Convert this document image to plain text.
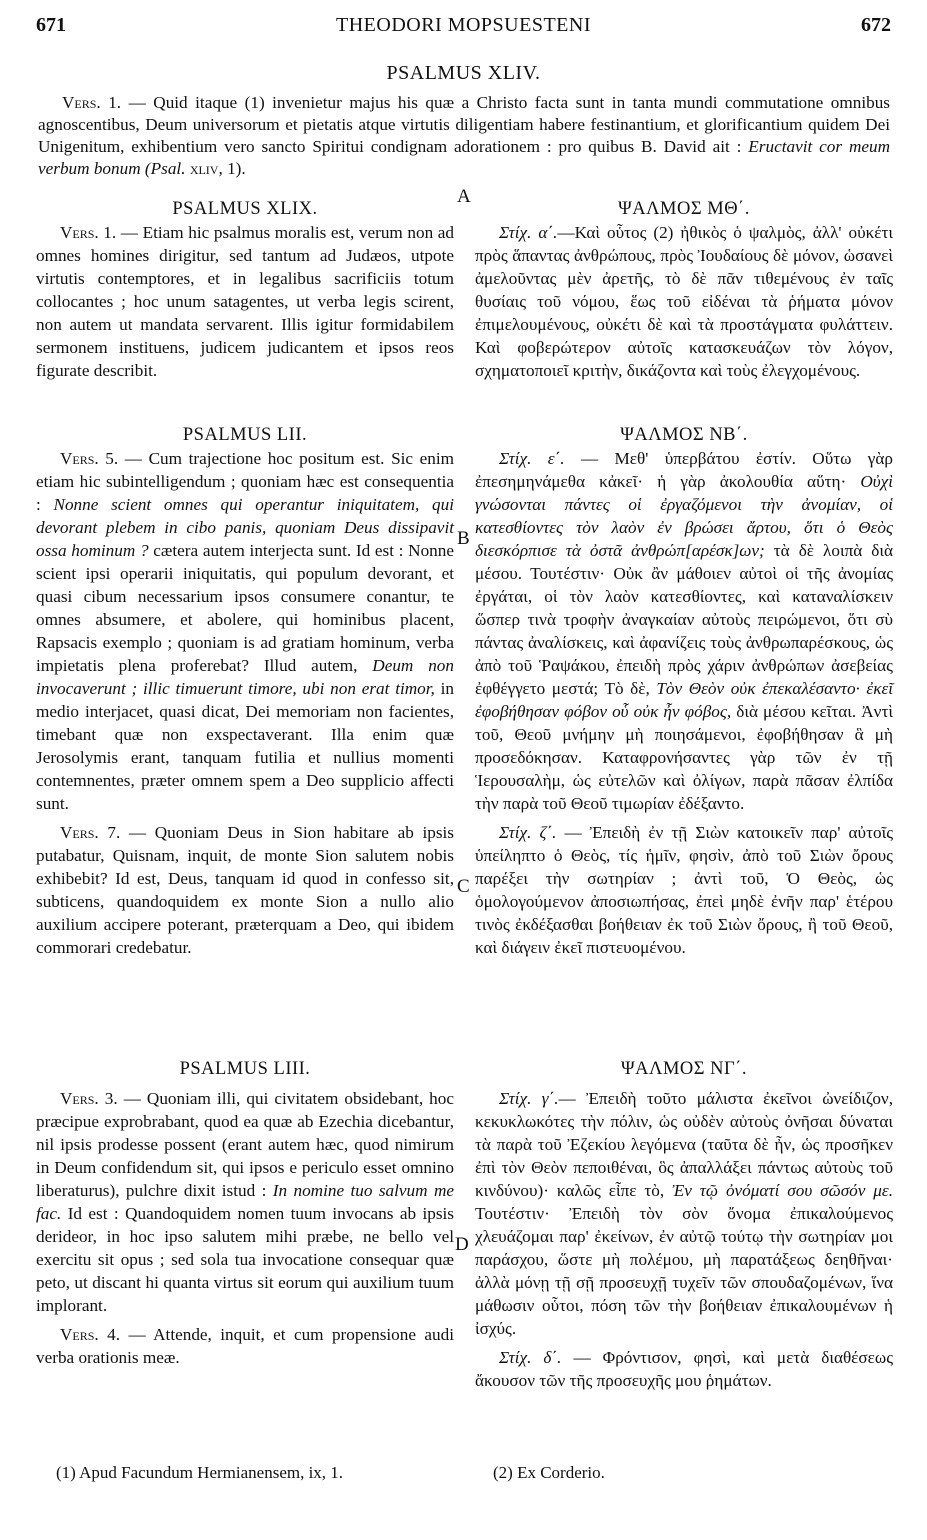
671	THEODORI MOPSUESTENI	672
PSALMUS XLIV.

Vers. 1. — Quid itaque (1) invenietur majus his quæ a Christo facta sunt in tanta mundi commutatione omnibus agnoscentibus, Deum universorum et pietatis atque virtutis diligentiam habere festinantium, et glorificantium quidem Dei Unigenitum, exhibentium vero sancto Spiritui condignam adorationem : pro quibus B. David ait : Eructavit cor meum verbum bonum (Psal. xliv, 1).

A
B
C
D
PSALMUS XLIX.

Vers. 1. — Etiam hic psalmus moralis est, verum non ad omnes homines dirigitur, sed tantum ad Judæos, utpote virtutis contemptores, et in legalibus sacrificiis totum collocantes ; hoc unum satagentes, ut verba legis scirent, non autem ut mandata servarent. Illis igitur formidabilem sermonem instituens, judicem judicantem et ipsos reos figurate describit.

PSALMUS LII.

Vers. 5. — Cum trajectione hoc positum est. Sic enim etiam hic subintelligendum ; quoniam hæc est consequentia : Nonne scient omnes qui operantur iniquitatem, qui devorant plebem in cibo panis, quoniam Deus dissipavit ossa hominum ? cætera autem interjecta sunt. Id est : Nonne scient ipsi operarii iniquitatis, qui populum devorant, et quasi cibum necessarium ipsos consumere conantur, te omnes absumere, et abolere, qui hominibus placent, Rapsacis exemplo ; quoniam is ad gratiam hominum, verba impietatis plena proferebat? Illud autem, Deum non invocaverunt ; illic timuerunt timore, ubi non erat timor, in medio interjacet, quasi dicat, Dei memoriam non facientes, timebant quæ non exspectaverant. Illa enim quæ Jerosolymis erant, tanquam futilia et nullius momenti contemnentes, præter omnem spem a Deo supplicio affecti sunt.

Vers. 7. — Quoniam Deus in Sion habitare ab ipsis putabatur, Quisnam, inquit, de monte Sion salutem nobis exhibebit? Id est, Deus, tanquam id quod in confesso sit, subticens, quandoquidem ex monte Sion a nullo alio auxilium accipere poterant, præterquam a Deo, qui ibidem commorari credebatur.

PSALMUS LIII.

Vers. 3. — Quoniam illi, qui civitatem obsidebant, hoc præcipue exprobrabant, quod ea quæ ab Ezechia dicebantur, nil ipsis prodesse possent (erant autem hæc, quod nimirum in Deum confidendum sit, qui ipsos e periculo esset omnino liberaturus), pulchre dixit istud : In nomine tuo salvum me fac. Id est : Quandoquidem nomen tuum invocans ab ipsis derideor, in hoc ipso salutem mihi præbe, ne bello vel exercitu sit opus ; sed sola tua invocatione consequar quæ peto, ut discant hi quanta virtus sit eorum qui auxilium tuum implorant.

Vers. 4. — Attende, inquit, et cum propensione audi verba orationis meæ.

ΨΑΛΜΟΣ ΜΘ΄.

Στίχ. α΄.—Καὶ οὗτος (2) ἠθικὸς ὁ ψαλμὸς, ἀλλ' οὐκέτι πρὸς ἅπαντας ἀνθρώπους, πρὸς Ἰουδαίους δὲ μόνον, ὡσανεὶ ἀμελοῦντας μὲν ἀρετῆς, τὸ δὲ πᾶν τιθεμένους ἐν ταῖς θυσίαις τοῦ νόμου, ἕως τοῦ εἰδέναι τὰ ῥήματα μόνον ἐπιμελουμένους, οὐκέτι δὲ καὶ τὰ προστάγματα φυλάττειν. Καὶ φοβερώτερον αὐτοῖς κατασκευάζων τὸν λόγον, σχηματοποιεῖ κριτὴν, δικάζοντα καὶ τοὺς ἐλεγχομένους.

ΨΑΛΜΟΣ ΝΒ΄.

Στίχ. ε΄. — Μεθ' ὑπερβάτου ἐστίν. Οὕτω γὰρ ἐπεσημηνάμεθα κἀκεῖ· ἡ γὰρ ἀκολουθία αὕτη· Οὐχὶ γνώσονται πάντες οἱ ἐργαζόμενοι τὴν ἀνομίαν, οἱ κατεσθίοντες τὸν λαὸν ἐν βρώσει ἄρτου, ὅτι ὁ Θεὸς διεσκόρπισε τὰ ὀστᾶ ἀνθρώπ[αρέσκ]ων; τὰ δὲ λοιπὰ διὰ μέσου. Τουτέστιν· Οὐκ ἂν μάθοιεν αὐτοὶ οἱ τῆς ἀνομίας ἐργάται, οἱ τὸν λαὸν κατεσθίοντες, καὶ καταναλίσκειν ὥσπερ τινὰ τροφὴν ἀναγκαίαν αὐτοὺς πειρώμενοι, ὅτι σὺ πάντας ἀναλίσκεις, καὶ ἀφανίζεις τοὺς ἀνθρωπαρέσκους, ὡς ἀπὸ τοῦ Ῥαψάκου, ἐπειδὴ πρὸς χάριν ἀνθρώπων ἀσεβείας ἐφθέγγετο μεστά; Τὸ δὲ, Τὸν Θεὸν οὐκ ἐπεκαλέσαντο· ἐκεῖ ἐφοβήθησαν φόβον οὗ οὐκ ἦν φόβος, διὰ μέσου κεῖται. Ἀντὶ τοῦ, Θεοῦ μνήμην μὴ ποιησάμενοι, ἐφοβήθησαν ἃ μὴ προσεδόκησαν. Καταφρονήσαντες γὰρ τῶν ἐν τῇ Ἱερουσαλὴμ, ὡς εὐτελῶν καὶ ὀλίγων, παρὰ πᾶσαν ἐλπίδα τὴν παρὰ τοῦ Θεοῦ τιμωρίαν ἐδέξαντο.

Στίχ. ζ΄. — Ἐπειδὴ ἐν τῇ Σιὼν κατοικεῖν παρ' αὐτοῖς ὑπείληπτο ὁ Θεὸς, τίς ἡμῖν, φησὶν, ἀπὸ τοῦ Σιὼν ὄρους παρέξει τὴν σωτηρίαν ; ἀντὶ τοῦ, Ὁ Θεὸς, ὡς ὁμολογούμενον ἀποσιωπήσας, ἐπεὶ μηδὲ ἐνῆν παρ' ἑτέρου τινὸς ἐκδέξασθαι βοήθειαν ἐκ τοῦ Σιὼν ὄρους, ἢ τοῦ Θεοῦ, καὶ διάγειν ἐκεῖ πιστευομένου.

ΨΑΛΜΟΣ ΝΓ΄.

Στίχ. γ΄.— Ἐπειδὴ τοῦτο μάλιστα ἐκεῖνοι ὠνείδιζον, κεκυκλωκότες τὴν πόλιν, ὡς οὐδὲν αὐτοὺς ὀνῆσαι δύναται τὰ παρὰ τοῦ Ἐζεκίου λεγόμενα (ταῦτα δὲ ἦν, ὡς προσῆκεν ἐπὶ τὸν Θεὸν πεποιθέναι, ὃς ἀπαλλάξει πάντως αὐτοὺς τοῦ κινδύνου)· καλῶς εἶπε τὸ, Ἐν τῷ ὀνόματί σου σῶσόν με. Τουτέστιν· Ἐπειδὴ τὸν σὸν ὄνομα ἐπικαλούμενος χλευάζομαι παρ' ἐκείνων, ἐν αὐτῷ τούτῳ τὴν σωτηρίαν μοι παράσχου, ὥστε μὴ πολέμου, μὴ παρατάξεως δεηθῆναι· ἀλλὰ μόνῃ τῇ σῇ προσευχῇ τυχεῖν τῶν σπουδαζομένων, ἵνα μάθωσιν οὗτοι, πόση τῶν τὴν βοήθειαν ἐπικαλουμένων ἡ ἰσχύς.

Στίχ. δ΄. — Φρόντισον, φησὶ, καὶ μετὰ διαθέσεως ἄκουσον τῶν τῆς προσευχῆς μου ῥημάτων.

(1) Apud Facundum Hermianensem, ix, 1.	(2) Ex Corderio.
